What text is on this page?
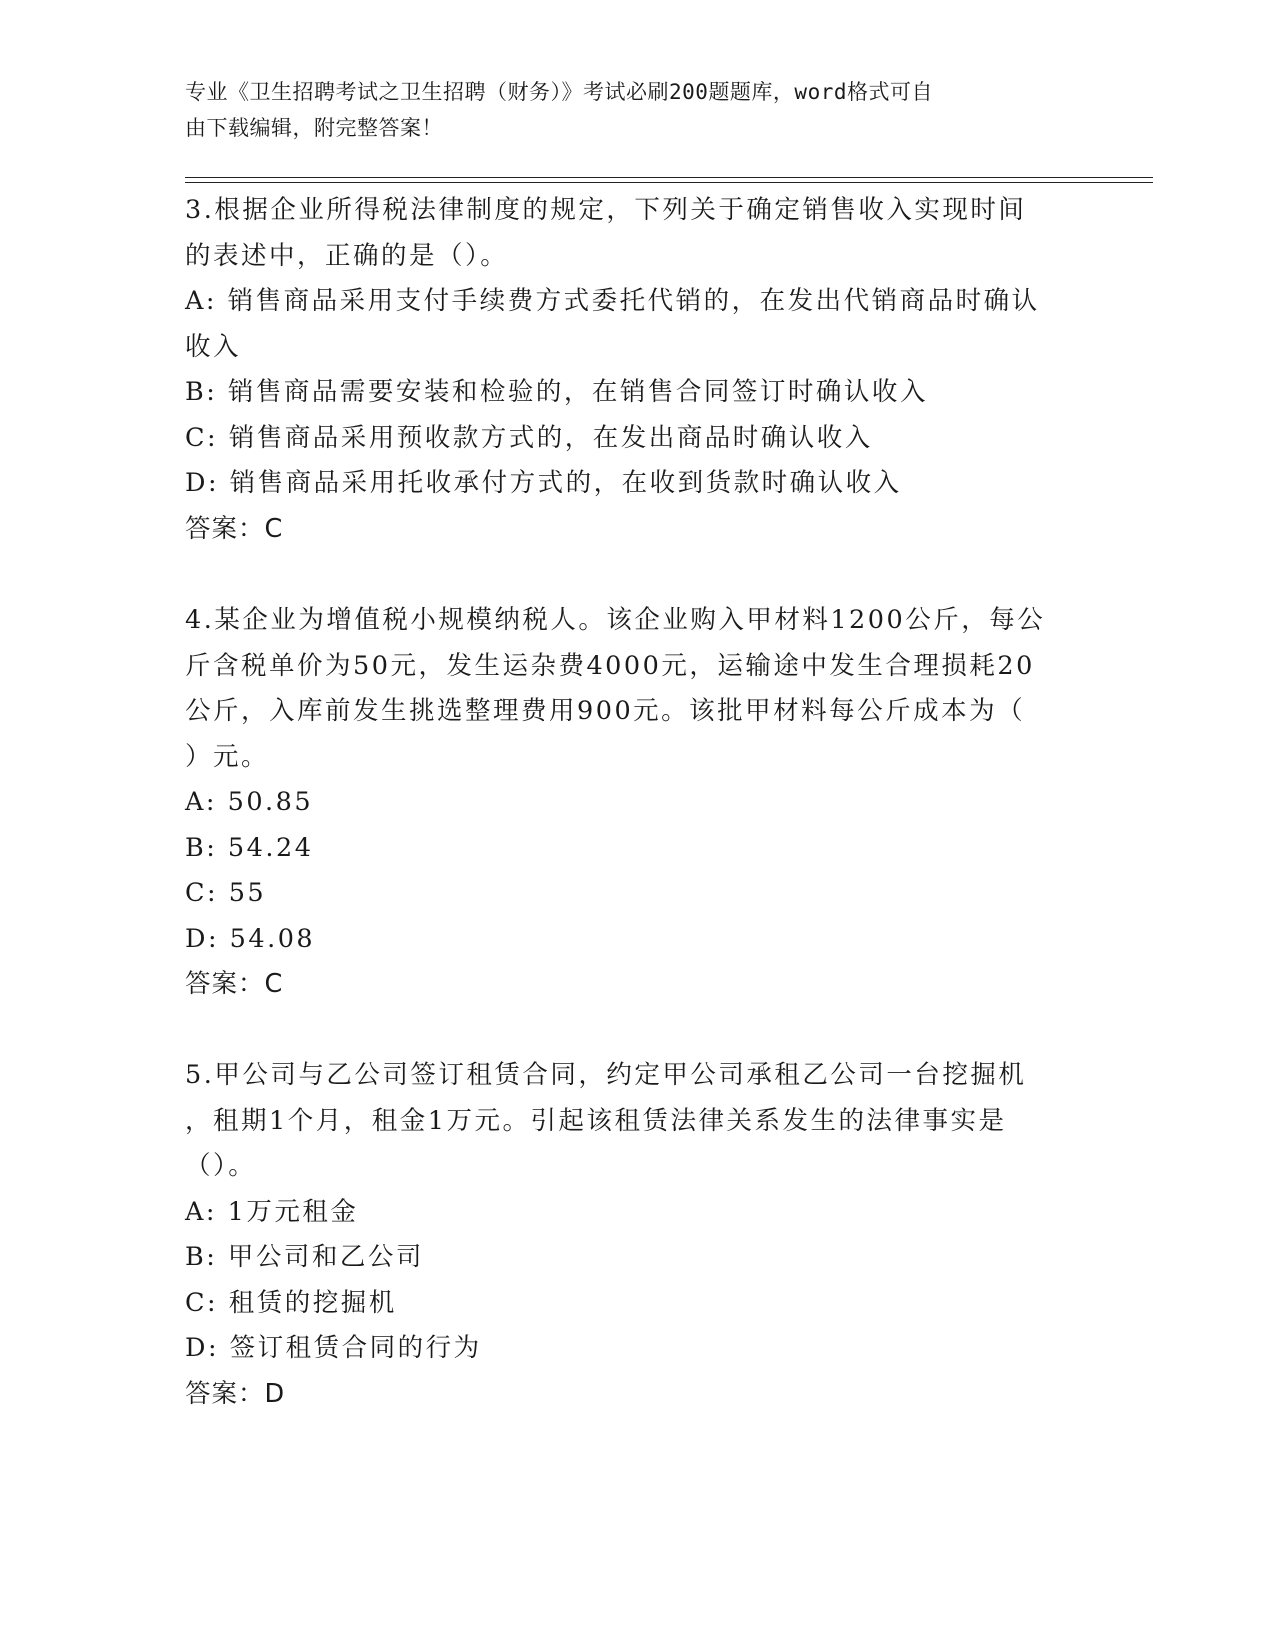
专业《卫生招聘考试之卫生招聘（财务）》考试必刷200题题库，word格式可自
由下载编辑，附完整答案！

3.根据企业所得税法律制度的规定，下列关于确定销售收入实现时间

的表述中，正确的是（）。

A: 销售商品采用支付手续费方式委托代销的，在发出代销商品时确认

收入

B: 销售商品需要安装和检验的，在销售合同签订时确认收入

C: 销售商品采用预收款方式的，在发出商品时确认收入

D: 销售商品采用托收承付方式的，在收到货款时确认收入

答案：C

4.某企业为增值税小规模纳税人。该企业购入甲材料1200公斤，每公

斤含税单价为50元，发生运杂费4000元，运输途中发生合理损耗20

公斤，入库前发生挑选整理费用900元。该批甲材料每公斤成本为（

）元。

A: 50.85

B: 54.24

C: 55

D: 54.08

答案：C

5.甲公司与乙公司签订租赁合同，约定甲公司承租乙公司一台挖掘机

，租期1个月，租金1万元。引起该租赁法律关系发生的法律事实是

（）。

A: 1万元租金

B: 甲公司和乙公司

C: 租赁的挖掘机

D: 签订租赁合同的行为

答案：D
